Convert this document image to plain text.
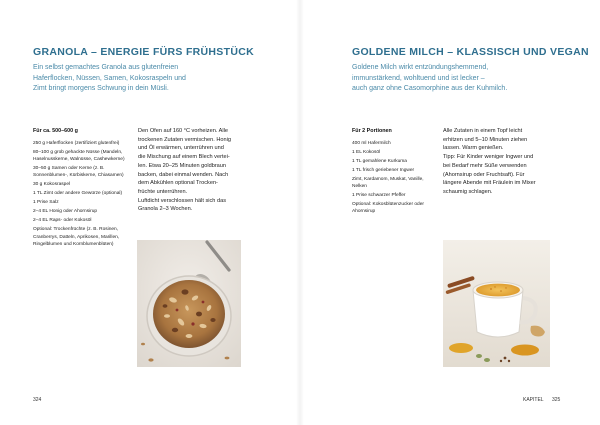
GRANOLA – ENERGIE FÜRS FRÜHSTÜCK

Ein selbst gemachtes Granola aus glutenfreien
Haferflocken, Nüssen, Samen, Kokosraspeln und
Zimt bringt morgens Schwung in dein Müsli.

Für ca. 500–600 g
250 g Haferflocken (zertifiziert glutenfrei)
80–100 g grob gehackte Nüsse (Mandeln, Haselnusskerne, Walnüsse, Cashewkerne)
30–50 g Samen oder Kerne (z. B. Sonnenblumen-, Kürbiskerne, Chiasamen)
30 g Kokosraspel
1 TL Zimt oder andere Gewürze (optional)
1 Prise Salz
2–4 EL Honig oder Ahornsirup
2–4 EL Raps- oder Kokosöl
Optional: Trockenfrüchte (z. B. Rosinen, Cranberrys, Datteln, Aprikosen, Marillen, Ringelblumen und Kornblumenblüten)
Den Ofen auf 160 °C vorheizen. Alle
trockenen Zutaten vermischen. Honig
und Öl erwärmen, unterrühren und
die Mischung auf einem Blech vertei-
len. Etwa 20–25 Minuten goldbraun
backen, dabei einmal wenden. Nach
dem Abkühlen optional Trocken-
früchte unterrühren.
Luftdicht verschlossen hält sich das
Granola 2–3 Wochen.
324
GOLDENE MILCH – KLASSISCH UND VEGAN

Goldene Milch wirkt entzündungshemmend,
immunstärkend, wohltuend und ist lecker –
auch ganz ohne Casomorphine aus der Kuhmilch.

Für 2 Portionen
400 ml Hafermilch
1 EL Kokosöl
1 TL gemahlene Kurkuma
1 TL frisch geriebener Ingwer
Zimt, Kardamom, Muskat, Vanille, Nelken
1 Prise schwarzer Pfeffer
Optional: Kokosblütenzucker oder Ahornsirup
Alle Zutaten in einem Topf leicht
erhitzen und 5–10 Minuten ziehen
lassen. Warm genießen.
Tipp: Für Kinder weniger Ingwer und
bei Bedarf mehr Süße verwenden
(Ahornsirup oder Fruchtsaft). Für
längere Abende mit Fräulein im Mixer
schaumig schlagen.
KAPITEL 325
